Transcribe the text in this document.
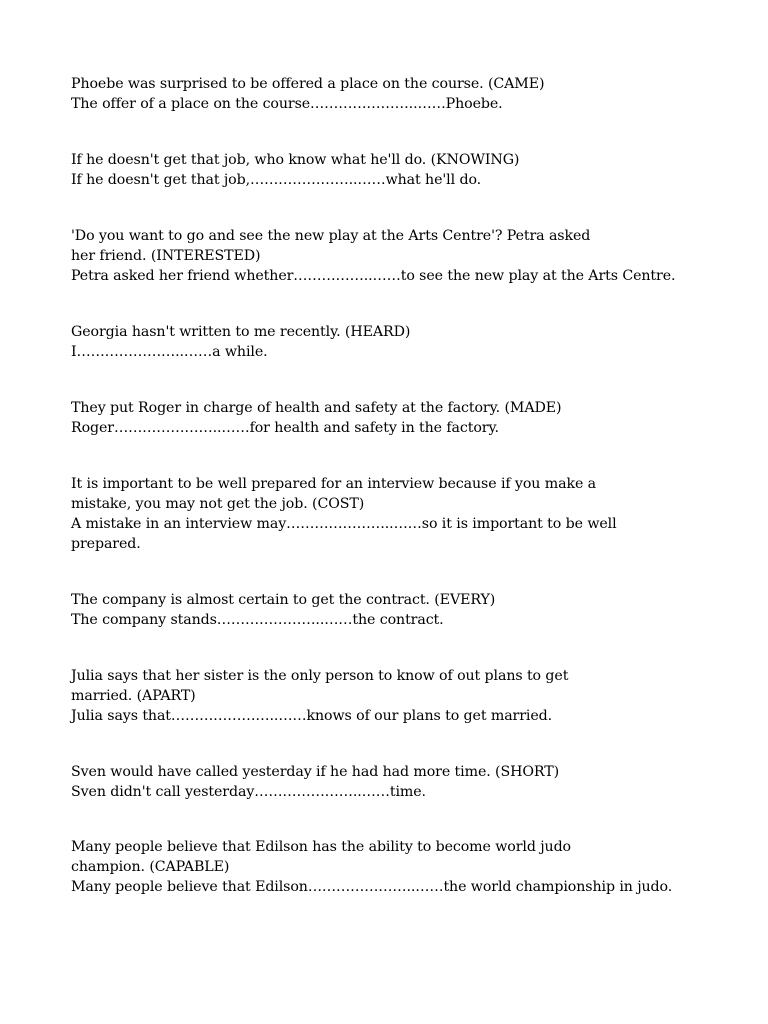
Phoebe was surprised to be offered a place on the course. (CAME)
The offer of a place on the course…………………..……Phoebe.
If he doesn't get that job, who know what he'll do. (KNOWING)
If he doesn't get that job,…………………..……what he'll do.
'Do you want to go and see the new play at the Arts Centre'? Petra asked
her friend. (INTERESTED)
Petra asked her friend whether……………..……to see the new play at the Arts Centre.
Georgia hasn't written to me recently. (HEARD)
I…………………..……a while.
They put Roger in charge of health and safety at the factory. (MADE)
Roger…………………..……for health and safety in the factory.
It is important to be well prepared for an interview because if you make a
mistake, you may not get the job. (COST)
A mistake in an interview may…………………..……so it is important to be well
prepared.
The company is almost certain to get the contract. (EVERY)
The company stands…………………..……the contract.
Julia says that her sister is the only person to know of out plans to get
married. (APART)
Julia says that…………………..……knows of our plans to get married.
Sven would have called yesterday if he had had more time. (SHORT)
Sven didn't call yesterday…………………..……time.
Many people believe that Edilson has the ability to become world judo
champion. (CAPABLE)
Many people believe that Edilson…………………..……the world championship in judo.
